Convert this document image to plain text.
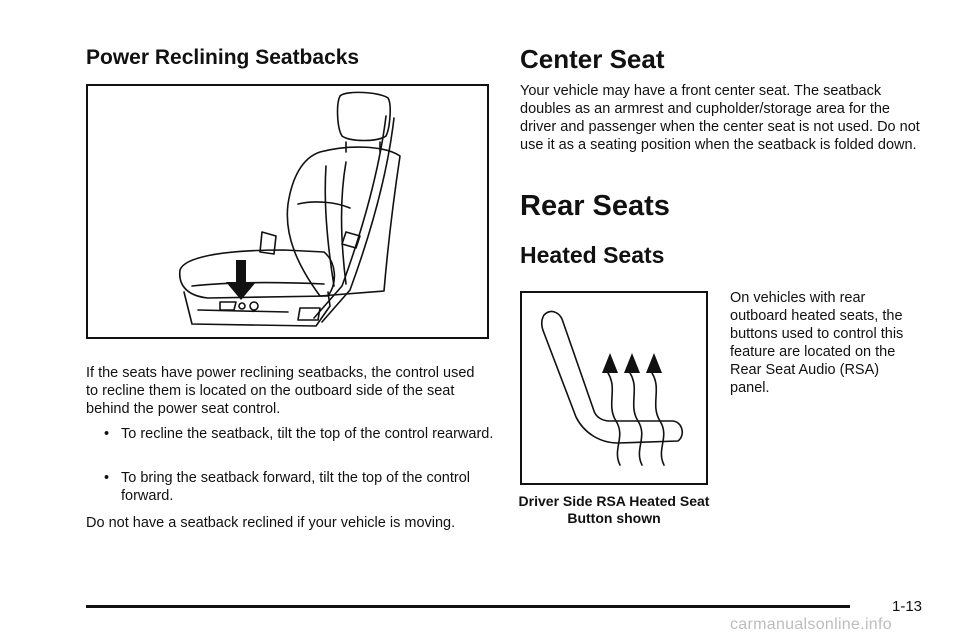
Power Reclining Seatbacks

If the seats have power reclining seatbacks, the control used to recline them is located on the outboard side of the seat behind the power seat control.

• To recline the seatback, tilt the top of the control rearward.
• To bring the seatback forward, tilt the top of the control forward.

Do not have a seatback reclined if your vehicle is moving.

Center Seat

Your vehicle may have a front center seat. The seatback doubles as an armrest and cupholder/storage area for the driver and passenger when the center seat is not used. Do not use it as a seating position when the seatback is folded down.

Rear Seats
Heated Seats
Driver Side RSA Heated Seat Button shown

On vehicles with rear outboard heated seats, the buttons used to control this feature are located on the Rear Seat Audio (RSA) panel.

1-13
carmanualsonline.info
